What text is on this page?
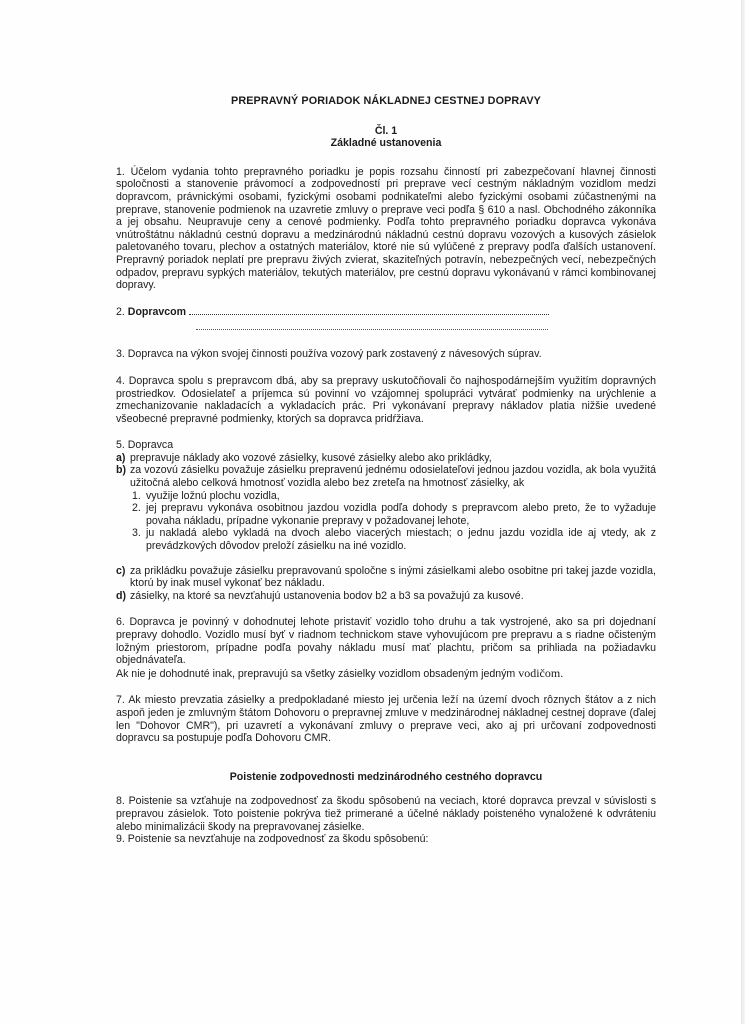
PREPRAVNÝ PORIADOK NÁKLADNEJ CESTNEJ DOPRAVY
Čl. 1
Základné ustanovenia

1. Účelom vydania tohto prepravného poriadku je popis rozsahu činností pri zabezpečovaní hlavnej činnosti spoločnosti a stanovenie právomocí a zodpovedností pri preprave vecí cestným nákladným vozidlom medzi dopravcom, právnickými osobami, fyzickými osobami podnikateľmi alebo fyzickými osobami zúčastnenými na preprave, stanovenie podmienok na uzavretie zmluvy o preprave veci podľa § 610 a nasl. Obchodného zákonníka a jej obsahu. Neupravuje ceny a cenové podmienky. Podľa tohto prepravného poriadku dopravca vykonáva vnútroštátnu nákladnú cestnú dopravu a medzinárodnú nákladnú cestnú dopravu vozových a kusových zásielok paletovaného tovaru, plechov a ostatných materiálov, ktoré nie sú vylúčené z prepravy podľa ďalších ustanovení. Prepravný poriadok neplatí pre prepravu živých zvierat, skaziteľných potravín, nebezpečných vecí, nebezpečných odpadov, prepravu sypkých materiálov, tekutých materiálov, pre cestnú dopravu vykonávanú v rámci kombinovanej dopravy.

2. Dopravcom

3. Dopravca na výkon svojej činnosti používa vozový park zostavený z návesových súprav.

4. Dopravca spolu s prepravcom dbá, aby sa prepravy uskutočňovali čo najhospodárnejším využitím dopravných prostriedkov. Odosielateľ a príjemca sú povinní vo vzájomnej spolupráci vytvárať podmienky na urýchlenie a zmechanizovanie nakladacích a vykladacích prác. Pri vykonávaní prepravy nákladov platia nižšie uvedené všeobecné prepravné podmienky, ktorých sa dopravca pridŕžiava.

5. Dopravca

a) prepravuje náklady ako vozové zásielky, kusové zásielky alebo ako prikládky,
b) za vozovú zásielku považuje zásielku prepravenú jednému odosielateľovi jednou jazdou vozidla, ak bola využitá užitočná alebo celková hmotnosť vozidla alebo bez zreteľa na hmotnosť zásielky, ak
1. využije ložnú plochu vozidla,
2. jej prepravu vykonáva osobitnou jazdou vozidla podľa dohody s prepravcom alebo preto, že to vyžaduje povaha nákladu, prípadne vykonanie prepravy v požadovanej lehote,
3. ju nakladá alebo vykladá na dvoch alebo viacerých miestach; o jednu jazdu vozidla ide aj vtedy, ak z prevádzkových dôvodov preloží zásielku na iné vozidlo.
c) za prikládku považuje zásielku prepravovanú spoločne s inými zásielkami alebo osobitne pri takej jazde vozidla, ktorú by inak musel vykonať bez nákladu.
d) zásielky, na ktoré sa nevzťahujú ustanovenia bodov b2 a b3 sa považujú za kusové.

6. Dopravca je povinný v dohodnutej lehote pristaviť vozidlo toho druhu a tak vystrojené, ako sa pri dojednaní prepravy dohodlo. Vozidlo musí byť v riadnom technickom stave vyhovujúcom pre prepravu a s riadne očisteným ložným priestorom, prípadne podľa povahy nákladu musí mať plachtu, pričom sa prihliada na požiadavku objednávateľa.

Ak nie je dohodnuté inak, prepravujú sa všetky zásielky vozidlom obsadeným jedným vodičom.

7. Ak miesto prevzatia zásielky a predpokladané miesto jej určenia leží na území dvoch rôznych štátov a z nich aspoň jeden je zmluvným štátom Dohovoru o prepravnej zmluve v medzinárodnej nákladnej cestnej doprave (ďalej len "Dohovor CMR"), pri uzavretí a vykonávaní zmluvy o preprave veci, ako aj pri určovaní zodpovednosti dopravcu sa postupuje podľa Dohovoru CMR.

Poistenie zodpovednosti medzinárodného cestného dopravcu

8. Poistenie sa vzťahuje na zodpovednosť za škodu spôsobenú na veciach, ktoré dopravca prevzal v súvislosti s prepravou zásielok. Toto poistenie pokrýva tiež primerané a účelné náklady poisteného vynaložené k odvráteniu alebo minimalizácii škody na prepravovanej zásielke.

9. Poistenie sa nevzťahuje na zodpovednosť za škodu spôsobenú:
